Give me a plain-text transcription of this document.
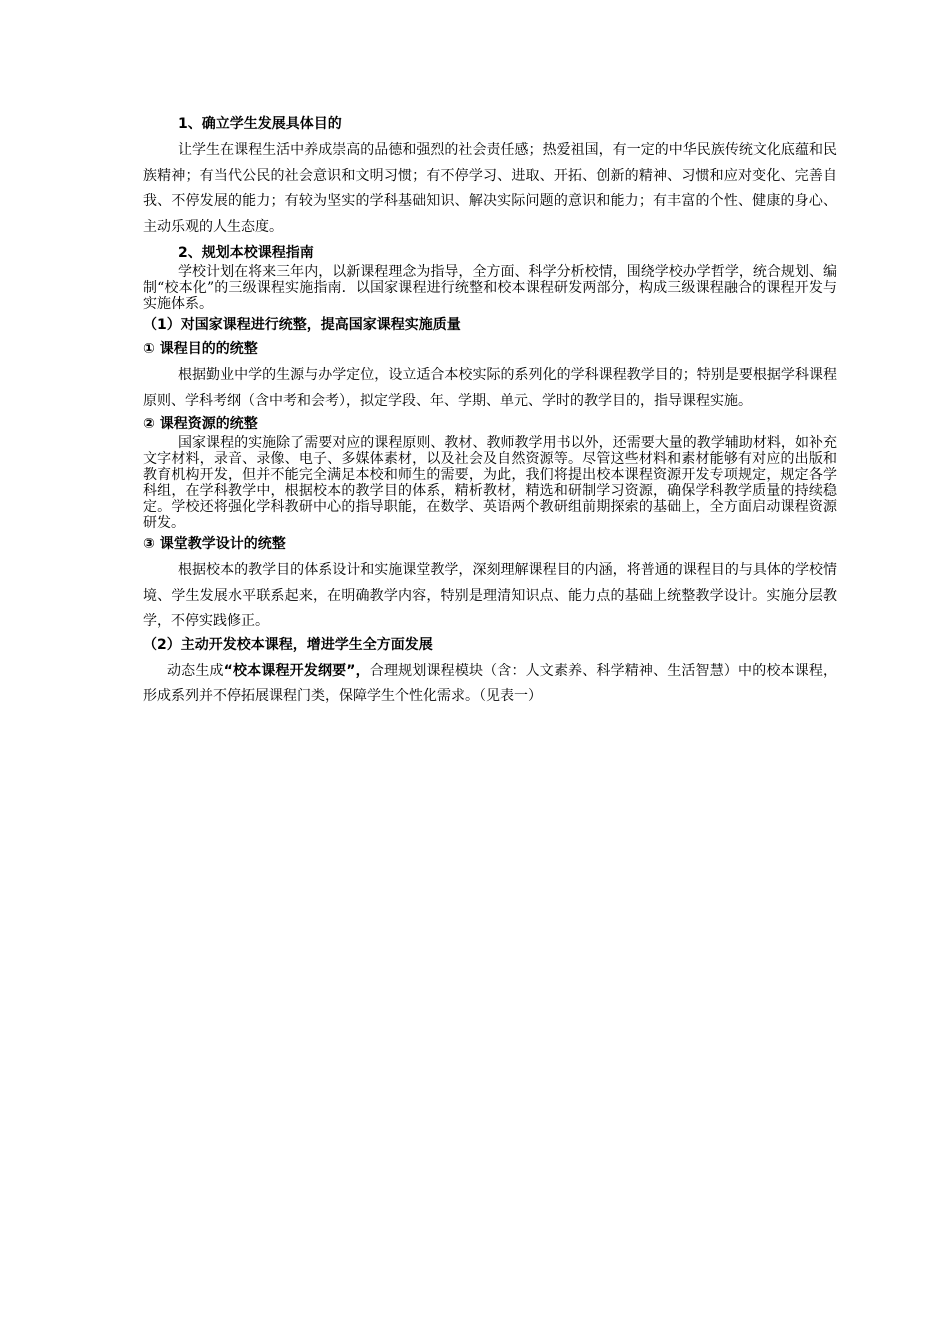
1、确立学生发展具体目的

让学生在课程生活中养成崇高的品德和强烈的社会责任感；热爱祖国，有一定的中华民族传统文化底蕴和民族精神；有当代公民的社会意识和文明习惯；有不停学习、进取、开拓、创新的精神、习惯和应对变化、完善自我、不停发展的能力；有较为坚实的学科基础知识、解决实际问题的意识和能力；有丰富的个性、健康的身心、主动乐观的人生态度。

2、规划本校课程指南

学校计划在将来三年内，以新课程理念为指导，全方面、科学分析校情，围绕学校办学哲学，统合规划、编制“校本化”的三级课程实施指南．以国家课程进行统整和校本课程研发两部分，构成三级课程融合的课程开发与实施体系。

（1）对国家课程进行统整，提高国家课程实施质量

① 课程目的的统整

根据勤业中学的生源与办学定位，设立适合本校实际的系列化的学科课程教学目的；特别是要根据学科课程原则、学科考纲（含中考和会考），拟定学段、年、学期、单元、学时的教学目的，指导课程实施。

② 课程资源的统整

国家课程的实施除了需要对应的课程原则、教材、教师教学用书以外，还需要大量的教学辅助材料，如补充文字材料，录音、录像、电子、多媒体素材，以及社会及自然资源等。尽管这些材料和素材能够有对应的出版和教育机构开发，但并不能完全满足本校和师生的需要，为此，我们将提出校本课程资源开发专项规定，规定各学科组，在学科教学中，根据校本的教学目的体系，精析教材，精选和研制学习资源，确保学科教学质量的持续稳定。学校还将强化学科教研中心的指导职能，在数学、英语两个教研组前期探索的基础上，全方面启动课程资源研发。

③ 课堂教学设计的统整

根据校本的教学目的体系设计和实施课堂教学，深刻理解课程目的内涵，将普通的课程目的与具体的学校情境、学生发展水平联系起来，在明确教学内容，特别是理清知识点、能力点的基础上统整教学设计。实施分层教学，不停实践修正。

（2）主动开发校本课程，增进学生全方面发展

动态生成“校本课程开发纲要”，合理规划课程模块（含：人文素养、科学精神、生活智慧）中的校本课程，形成系列并不停拓展课程门类，保障学生个性化需求。（见表一）
